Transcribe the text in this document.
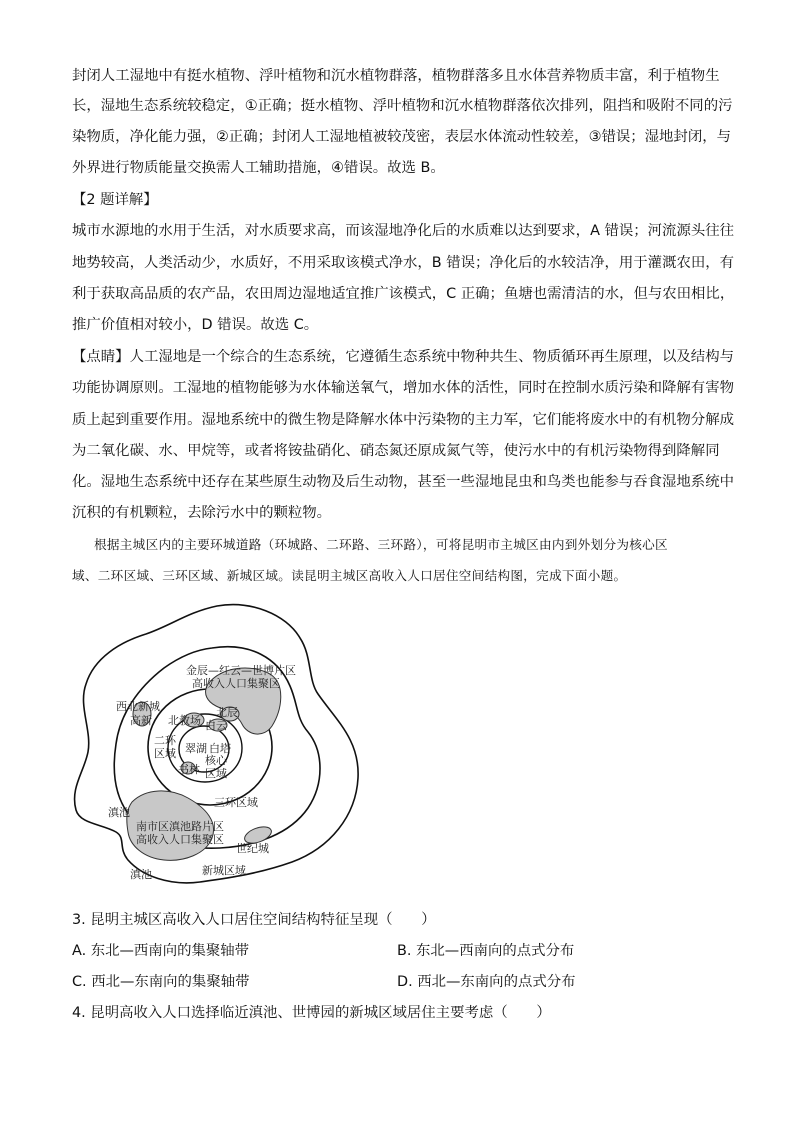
封闭人工湿地中有挺水植物、浮叶植物和沉水植物群落，植物群落多且水体营养物质丰富，利于植物生
长，湿地生态系统较稳定，①正确；挺水植物、浮叶植物和沉水植物群落依次排列，阻挡和吸附不同的污
染物质，净化能力强，②正确；封闭人工湿地植被较茂密，表层水体流动性较差，③错误；湿地封闭，与
外界进行物质能量交换需人工辅助措施，④错误。故选 B。
【2 题详解】
城市水源地的水用于生活，对水质要求高，而该湿地净化后的水质难以达到要求，A 错误；河流源头往往
地势较高，人类活动少，水质好，不用采取该模式净水，B 错误；净化后的水较洁净，用于灌溉农田，有
利于获取高品质的农产品，农田周边湿地适宜推广该模式，C 正确；鱼塘也需清洁的水，但与农田相比，
推广价值相对较小，D 错误。故选 C。
【点睛】人工湿地是一个综合的生态系统，它遵循生态系统中物种共生、物质循环再生原理，以及结构与
功能协调原则。工湿地的植物能够为水体输送氧气，增加水体的活性，同时在控制水质污染和降解有害物
质上起到重要作用。湿地系统中的微生物是降解水体中污染物的主力军，它们能将废水中的有机物分解成
为二氧化碳、水、甲烷等，或者将铵盐硝化、硝态氮还原成氮气等，使污水中的有机污染物得到降解同
化。湿地生态系统中还存在某些原生动物及后生动物，甚至一些湿地昆虫和鸟类也能参与吞食湿地系统中
沉积的有机颗粒，去除污水中的颗粒物。
根据主城区内的主要环城道路（环城路、二环路、三环路），可将昆明市主城区由内到外划分为核心区
域、二环区域、三环区域、新城区域。读昆明主城区高收入人口居住空间结构图，完成下面小题。
金辰—红云—世博片区
高收入人口集聚区
西北新城
高新 北教场
北辰
白云
二环
区域 翠湖 白塔
书林
核心
区域
三环区域
滇池
南市区滇池路片区
高收入人口集聚区
世纪城
滇池	新城区域
3. 昆明主城区高收入人口居住空间结构特征呈现（　　）
A. 东北—西南向的集聚轴带	B. 东北—西南向的点式分布
C. 西北—东南向的集聚轴带	D. 西北—东南向的点式分布
4. 昆明高收入人口选择临近滇池、世博园的新城区域居住主要考虑（　　）
